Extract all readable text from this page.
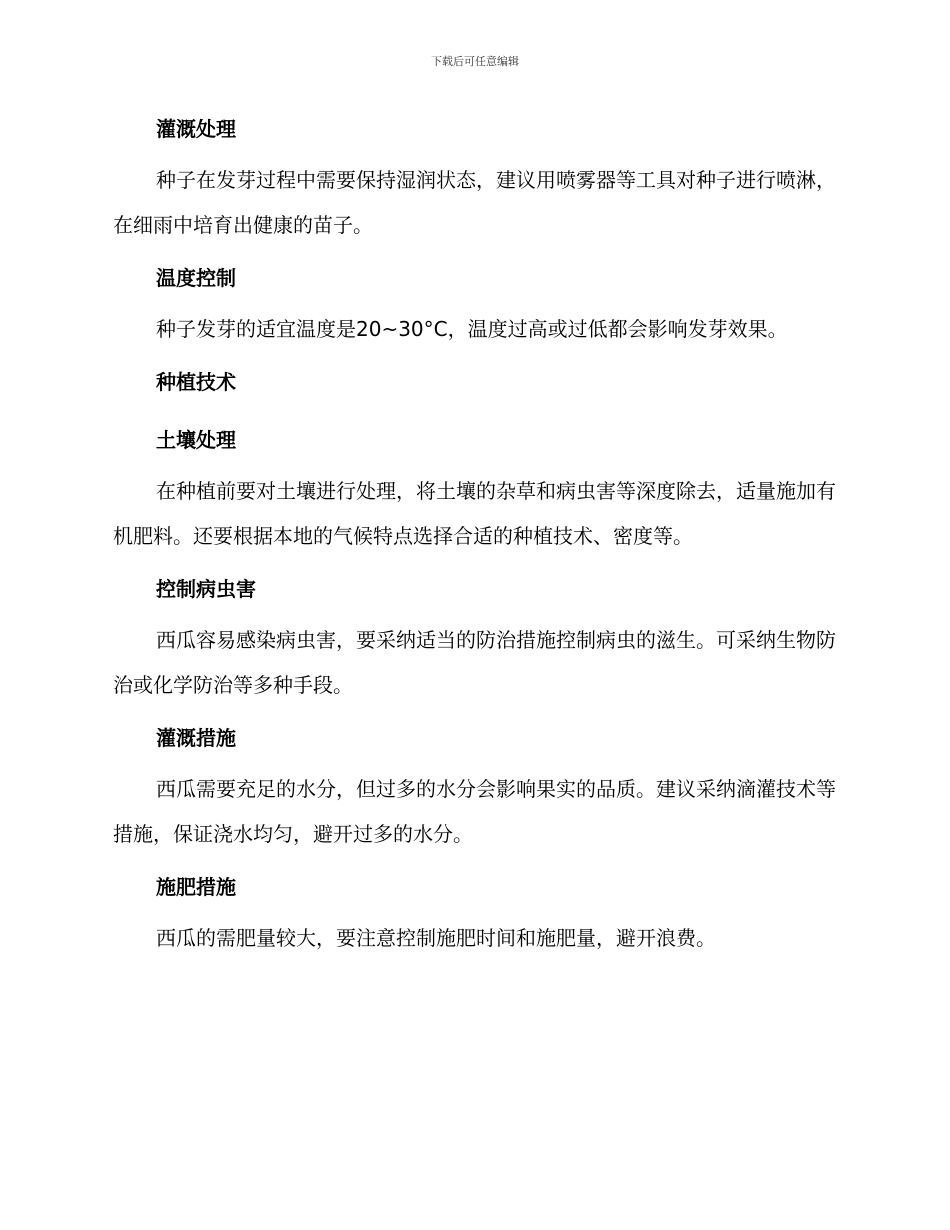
下载后可任意编辑
灌溉处理

种子在发芽过程中需要保持湿润状态，建议用喷雾器等工具对种子进行喷淋，在细雨中培育出健康的苗子。

温度控制

种子发芽的适宜温度是20~30°C，温度过高或过低都会影响发芽效果。

种植技术
土壤处理

在种植前要对土壤进行处理，将土壤的杂草和病虫害等深度除去，适量施加有机肥料。还要根据本地的气候特点选择合适的种植技术、密度等。

控制病虫害

西瓜容易感染病虫害，要采纳适当的防治措施控制病虫的滋生。可采纳生物防治或化学防治等多种手段。

灌溉措施

西瓜需要充足的水分，但过多的水分会影响果实的品质。建议采纳滴灌技术等措施，保证浇水均匀，避开过多的水分。

施肥措施

西瓜的需肥量较大，要注意控制施肥时间和施肥量，避开浪费。
